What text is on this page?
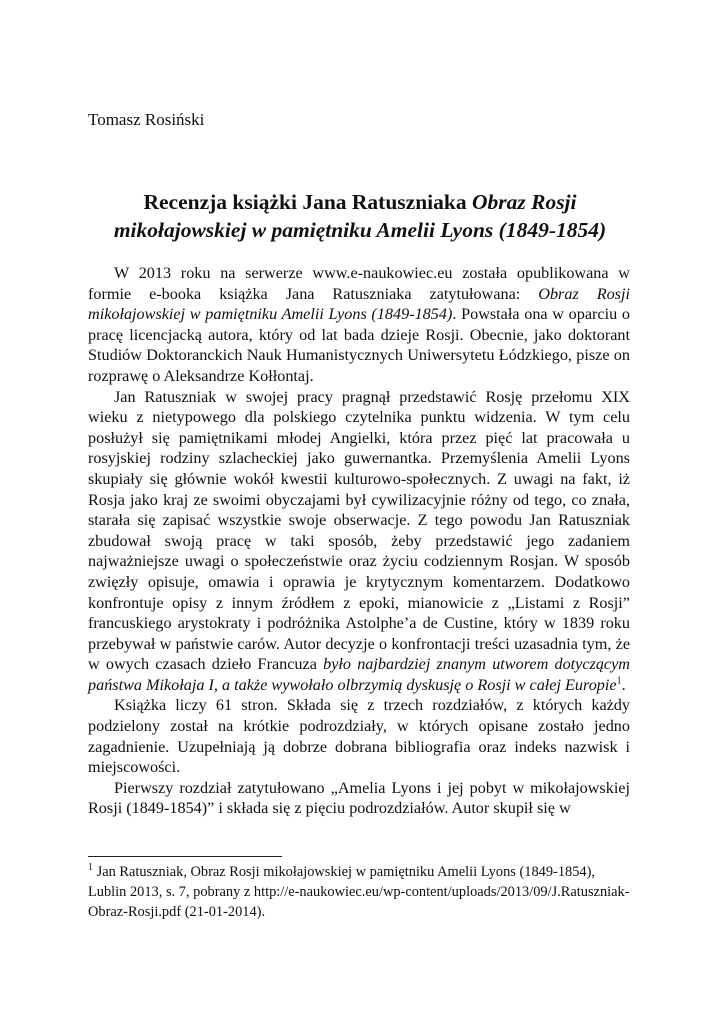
Tomasz Rosiński

Recenzja książki Jana Ratuszniaka Obraz Rosji mikołajowskiej w pamiętniku Amelii Lyons (1849-1854)

W 2013 roku na serwerze www.e-naukowiec.eu została opublikowana w formie e-booka książka Jana Ratuszniaka zatytułowana: Obraz Rosji mikołajowskiej w pamiętniku Amelii Lyons (1849-1854). Powstała ona w oparciu o pracę licencjacką autora, który od lat bada dzieje Rosji. Obecnie, jako doktorant Studiów Doktoranckich Nauk Humanistycznych Uniwersytetu Łódzkiego, pisze on rozprawę o Aleksandrze Kołłontaj.

Jan Ratuszniak w swojej pracy pragnął przedstawić Rosję przełomu XIX wieku z nietypowego dla polskiego czytelnika punktu widzenia. W tym celu posłużył się pamiętnikami młodej Angielki, która przez pięć lat pracowała u rosyjskiej rodziny szlacheckiej jako guwernantka. Przemyślenia Amelii Lyons skupiały się głównie wokół kwestii kulturowo-społecznych. Z uwagi na fakt, iż Rosja jako kraj ze swoimi obyczajami był cywilizacyjnie różny od tego, co znała, starała się zapisać wszystkie swoje obserwacje. Z tego powodu Jan Ratuszniak zbudował swoją pracę w taki sposób, żeby przedstawić jego zadaniem najważniejsze uwagi o społeczeństwie oraz życiu codziennym Rosjan. W sposób zwięzły opisuje, omawia i oprawia je krytycznym komentarzem. Dodatkowo konfrontuje opisy z innym źródłem z epoki, mianowicie z „Listami z Rosji” francuskiego arystokraty i podróżnika Astolphe’a de Custine, który w 1839 roku przebywał w państwie carów. Autor decyzje o konfrontacji treści uzasadnia tym, że w owych czasach dzieło Francuza było najbardziej znanym utworem dotyczącym państwa Mikołaja I, a także wywołało olbrzymią dyskusję o Rosji w całej Europie$^1$.

Książka liczy 61 stron. Składa się z trzech rozdziałów, z których każdy podzielony został na krótkie podrozdziały, w których opisane zostało jedno zagadnienie. Uzupełniają ją dobrze dobrana bibliografia oraz indeks nazwisk i miejscowości.

Pierwszy rozdział zatytułowano „Amelia Lyons i jej pobyt w mikołajowskiej Rosji (1849-1854)” i składa się z pięciu podrozdziałów. Autor skupił się w

$^1$ Jan Ratuszniak, Obraz Rosji mikołajowskiej w pamiętniku Amelii Lyons (1849-1854), Lublin 2013, s. 7, pobrany z http://e-naukowiec.eu/wp-content/uploads/2013/09/J.Ratuszniak-Obraz-Rosji.pdf (21-01-2014).
